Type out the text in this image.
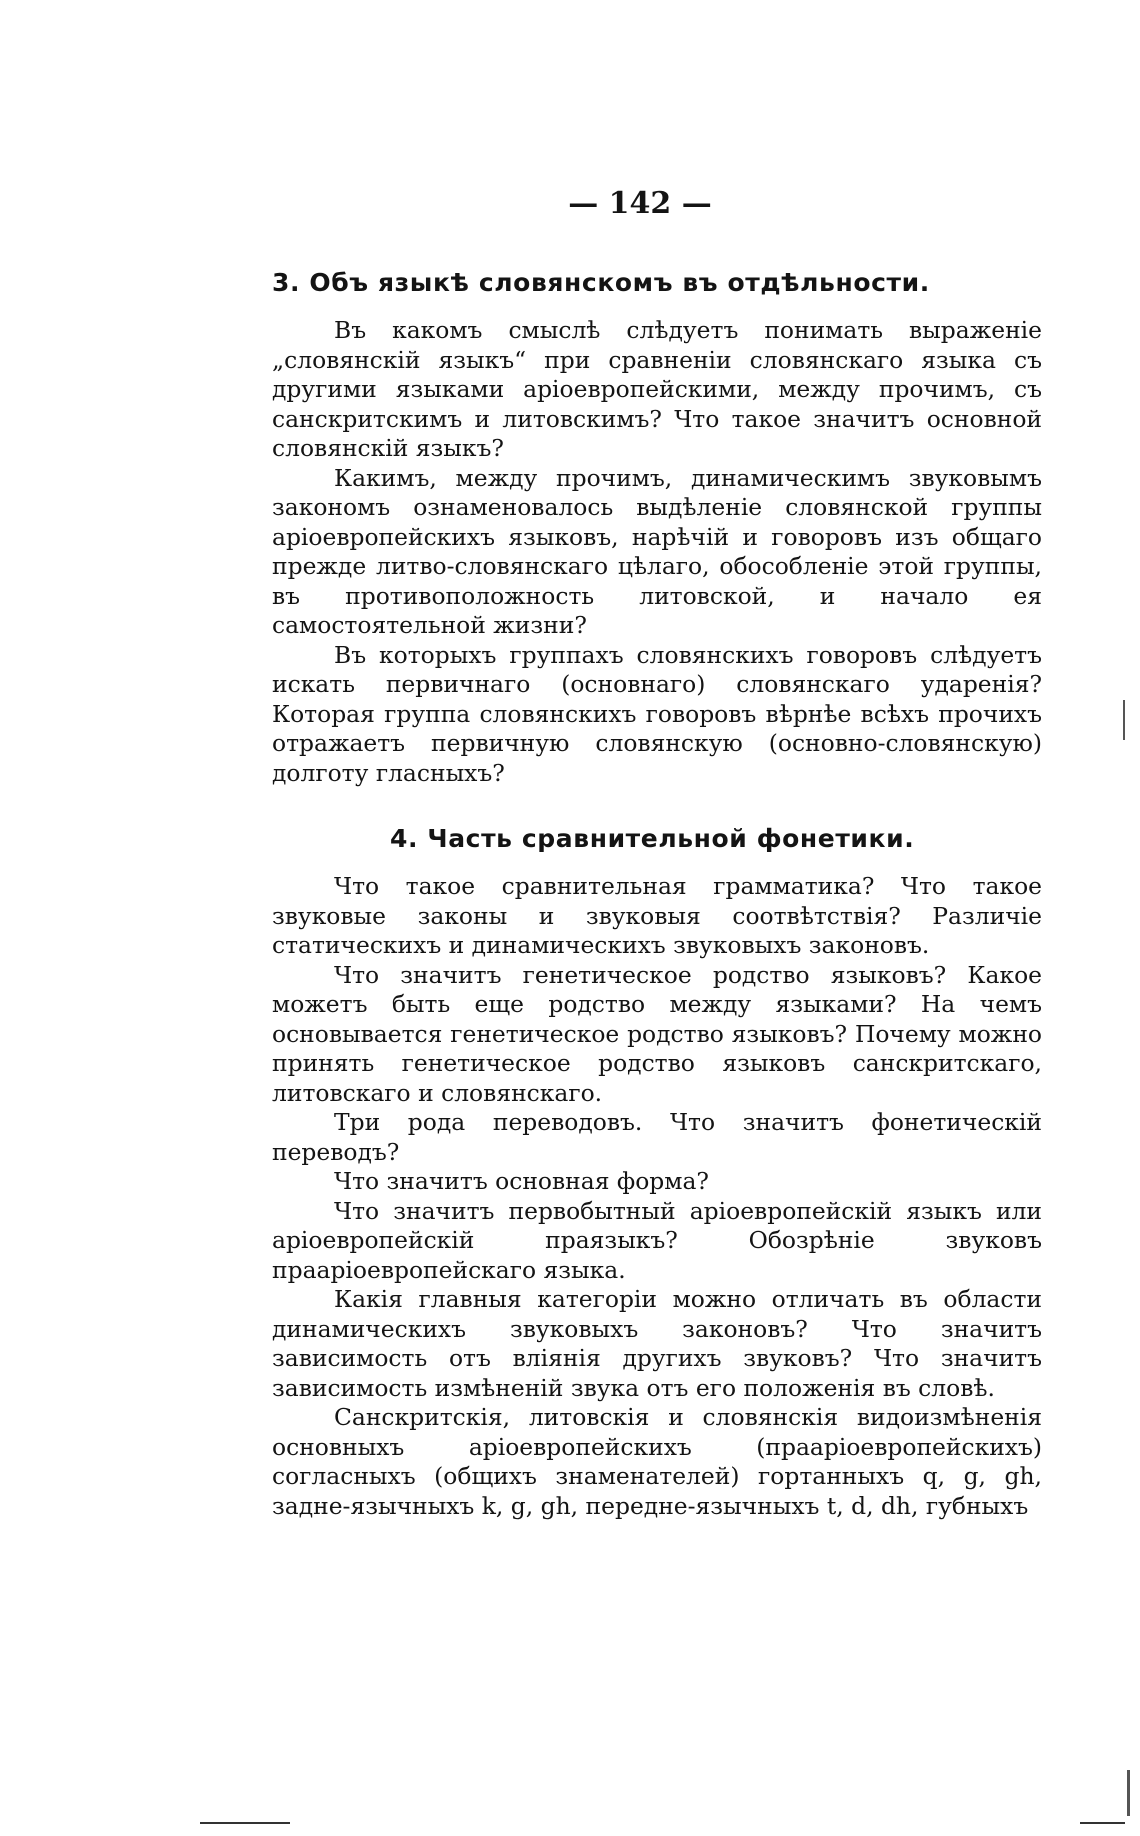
— 142 —
3. Объ языкѣ словянскомъ въ отдѣльности.

Въ какомъ смыслѣ слѣдуетъ понимать выраженіе „словянскій языкъ“ при сравненіи словянскаго языка съ другими языками аріоевропейскими, между прочимъ, съ санскритскимъ и литовскимъ? Что такое значитъ основной словянскій языкъ?

Какимъ, между прочимъ, динамическимъ звуковымъ закономъ ознаменовалось выдѣленіе словянской группы аріоевропейскихъ языковъ, нарѣчій и говоровъ изъ общаго прежде литво-словянскаго цѣлаго, обособленіе этой группы, въ противоположность литовской, и начало ея самостоятельной жизни?

Въ которыхъ группахъ словянскихъ говоровъ слѣдуетъ искать первичнаго (основнаго) словянскаго ударенія? Которая группа словянскихъ говоровъ вѣрнѣе всѣхъ прочихъ отражаетъ первичную словянскую (основно-словянскую) долготу гласныхъ?

4. Часть сравнительной фонетики.

Что такое сравнительная грамматика? Что такое звуковые законы и звуковыя соотвѣтствія? Различіе статическихъ и динамическихъ звуковыхъ законовъ.

Что значитъ генетическое родство языковъ? Какое можетъ быть еще родство между языками? На чемъ основывается генетическое родство языковъ? Почему можно принять генетическое родство языковъ санскритскаго, литовскаго и словянскаго.

Три рода переводовъ. Что значитъ фонетическій переводъ?

Что значитъ основная форма?

Что значитъ первобытный аріоевропейскій языкъ или аріоевропейскій праязыкъ? Обозрѣніе звуковъ прааріоевропейскаго языка.

Какія главныя категоріи можно отличать въ области динамическихъ звуковыхъ законовъ? Что значитъ зависимость отъ вліянія другихъ звуковъ? Что значитъ зависимость измѣненій звука отъ его положенія въ словѣ.

Санскритскія, литовскія и словянскія видоизмѣненія основныхъ аріоевропейскихъ (прааріоевропейскихъ) согласныхъ (общихъ знаменателей) гортанныхъ q, g, gh, задне-язычныхъ k, g, gh, передне-язычныхъ t, d, dh, губныхъ
